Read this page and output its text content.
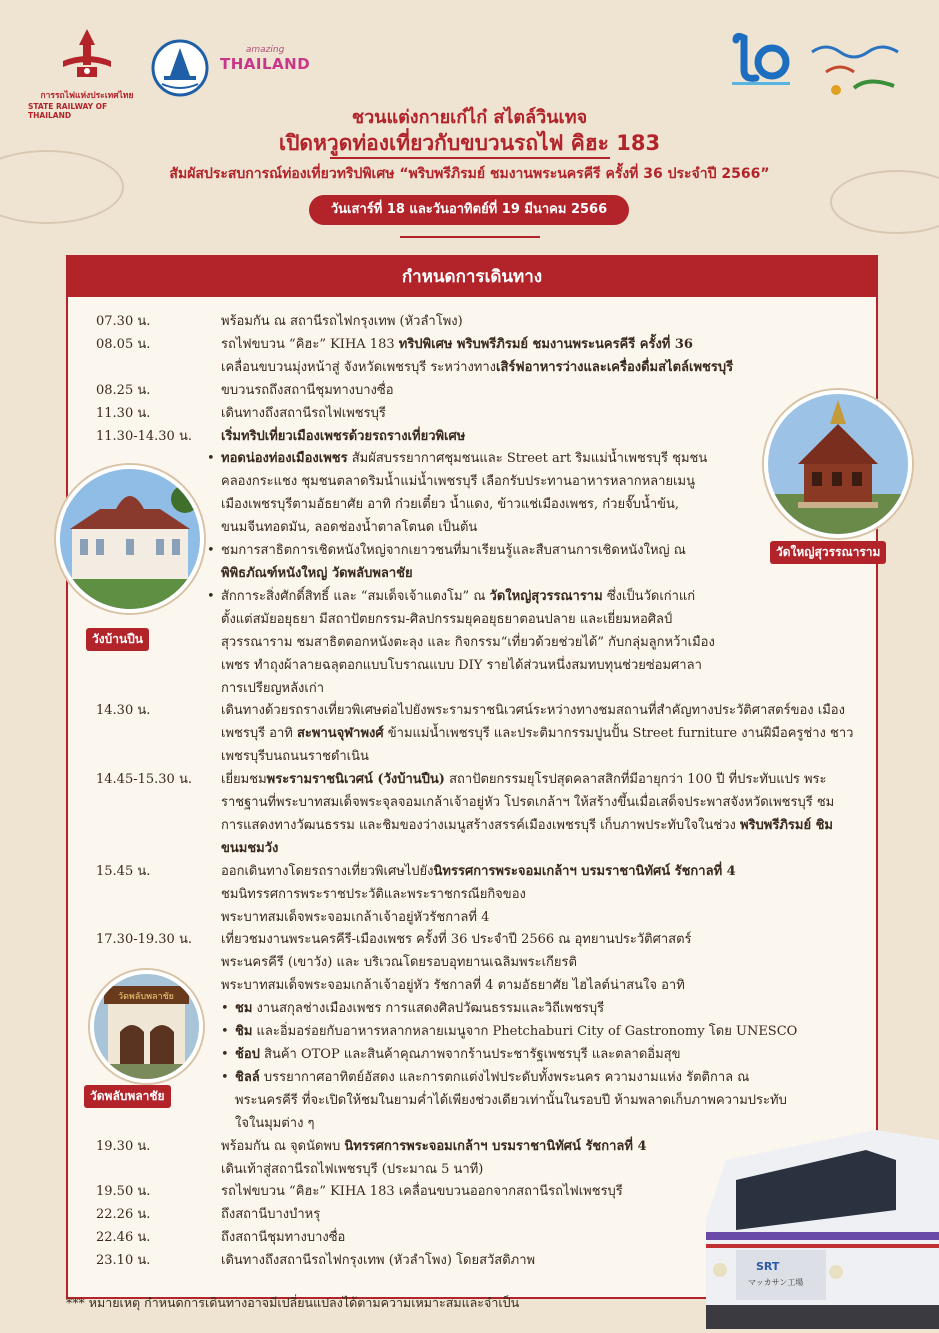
การรถไฟแห่งประเทศไทย
STATE RAILWAY OF THAILAND
amazing
THAILAND
ชวนแต่งกายเก๋ไก๋ สไตล์วินเทจ
เปิดหวูดท่องเที่ยวกับขบวนรถไฟ คิฮะ 183
สัมผัสประสบการณ์ท่องเที่ยวทริปพิเศษ “พริบพรีภิรมย์ ชมงานพระนครคีรี ครั้งที่ 36 ประจำปี 2566”
วันเสาร์ที่ 18 และวันอาทิตย์ที่ 19 มีนาคม 2566
กำหนดการเดินทาง
07.30 น.	พร้อมกัน ณ สถานีรถไฟกรุงเทพ (หัวลำโพง)
08.05 น.	รถไฟขบวน “คิฮะ” KIHA 183 ทริปพิเศษ พริบพรีภิรมย์ ชมงานพระนครคีรี ครั้งที่ 36
เคลื่อนขบวนมุ่งหน้าสู่ จังหวัดเพชรบุรี ระหว่างทางเสิร์ฟอาหารว่างและเครื่องดื่มสไตล์เพชรบุรี
08.25 น.	ขบวนรถถึงสถานีชุมทางบางซื่อ
11.30 น.	เดินทางถึงสถานีรถไฟเพชรบุรี
11.30-14.30 น.	เริ่มทริปเที่ยวเมืองเพชรด้วยรถรางเที่ยวพิเศษ
• ทอดน่องท่องเมืองเพชร สัมผัสบรรยากาศชุมชนและ Street art ริมแม่น้ำเพชรบุรี ชุมชนคลองกระแชง ชุมชนตลาดริมน้ำแม่น้ำเพชรบุรี เลือกรับประทานอาหารหลากหลายเมนูเมืองเพชรบุรีตามอัธยาศัย อาทิ ก๋วยเตี๋ยว น้ำแดง, ข้าวแช่เมืองเพชร, ก๋วยจั๊บน้ำข้น, ขนมจีนทอดมัน, ลอดช่องน้ำตาลโตนด เป็นต้น
• ชมการสาธิตการเชิดหนังใหญ่จากเยาวชนที่มาเรียนรู้และสืบสานการเชิดหนังใหญ่ ณ พิพิธภัณฑ์หนังใหญ่ วัดพลับพลาชัย
• สักการะสิ่งศักดิ์สิทธิ์ และ “สมเด็จเจ้าแตงโม” ณ วัดใหญ่สุวรรณาราม ซึ่งเป็นวัดเก่าแก่ตั้งแต่สมัยอยุธยา มีสถาปัตยกรรม-ศิลปกรรมยุคอยุธยาตอนปลาย และเยี่ยมหอศิลป์สุวรรณาราม ชมสาธิตตอกหนังตะลุง และ กิจกรรม“เที่ยวด้วยช่วยได้” กับกลุ่มลูกหว้าเมืองเพชร ทำถุงผ้าลายฉลุตอกแบบโบราณแบบ DIY รายได้ส่วนหนึ่งสมทบทุนช่วยซ่อมศาลาการเปรียญหลังเก่า
14.30 น.	เดินทางด้วยรถรางเที่ยวพิเศษต่อไปยังพระรามราชนิเวศน์ระหว่างทางชมสถานที่สำคัญทางประวัติศาสตร์ของ เมืองเพชรบุรี อาทิ สะพานจุฬาพงศ์ ข้ามแม่น้ำเพชรบุรี และประติมากรรมปูนปั้น Street furniture งานฝีมือครูช่าง ชาวเพชรบุรีบนถนนราชดำเนิน
14.45-15.30 น.	เยี่ยมชมพระรามราชนิเวศน์ (วังบ้านปืน) สถาปัตยกรรมยุโรปสุดคลาสสิกที่มีอายุกว่า 100 ปี ที่ประทับแปร พระราชฐานที่พระบาทสมเด็จพระจุลจอมเกล้าเจ้าอยู่หัว โปรดเกล้าฯ ให้สร้างขึ้นเมื่อเสด็จประพาสจังหวัดเพชรบุรี ชมการแสดงทางวัฒนธรรม และชิมของว่างเมนูสร้างสรรค์เมืองเพชรบุรี เก็บภาพประทับใจในช่วง พริบพรีภิรมย์ ชิมขนมชมวัง
15.45 น.	ออกเดินทางโดยรถรางเที่ยวพิเศษไปยังนิทรรศการพระจอมเกล้าฯ บรมราชานิทัศน์ รัชกาลที่ 4
ชมนิทรรศการพระราชประวัติและพระราชกรณียกิจของ
พระบาทสมเด็จพระจอมเกล้าเจ้าอยู่หัวรัชกาลที่ 4
17.30-19.30 น.	เที่ยวชมงานพระนครคีรี-เมืองเพชร ครั้งที่ 36 ประจำปี 2566 ณ อุทยานประวัติศาสตร์
พระนครคีรี (เขาวัง) และ บริเวณโดยรอบอุทยานเฉลิมพระเกียรติ
พระบาทสมเด็จพระจอมเกล้าเจ้าอยู่หัว รัชกาลที่ 4 ตามอัธยาศัย ไฮไลต์น่าสนใจ อาทิ
• ชม งานสกุลช่างเมืองเพชร การแสดงศิลปวัฒนธรรมและวิถีเพชรบุรี
• ชิม และอิ่มอร่อยกับอาหารหลากหลายเมนูจาก Phetchaburi City of Gastronomy โดย UNESCO
• ช้อป สินค้า OTOP และสินค้าคุณภาพจากร้านประชารัฐเพชรบุรี และตลาดอิ่มสุข
• ชิลล์ บรรยากาศอาทิตย์อัสดง และการตกแต่งไฟประดับทั้งพระนคร ความงามแห่ง รัตติกาล ณ พระนครคีรี ที่จะเปิดให้ชมในยามค่ำได้เพียงช่วงเดียวเท่านั้นในรอบปี ห้ามพลาดเก็บภาพความประทับใจในมุมต่าง ๆ
19.30 น.	พร้อมกัน ณ จุดนัดพบ นิทรรศการพระจอมเกล้าฯ บรมราชานิทัศน์ รัชกาลที่ 4
เดินเท้าสู่สถานีรถไฟเพชรบุรี (ประมาณ 5 นาที)
19.50 น.	รถไฟขบวน “คิฮะ” KIHA 183 เคลื่อนขบวนออกจากสถานีรถไฟเพชรบุรี
22.26 น.	ถึงสถานีบางบำหรุ
22.46 น.	ถึงสถานีชุมทางบางซื่อ
23.10 น.	เดินทางถึงสถานีรถไฟกรุงเทพ (หัวลำโพง) โดยสวัสดิภาพ
วัดใหญ่สุวรรณาราม
วังบ้านปืน
วัดพลับพลาชัย
วัดพลับพลาชัย
SRT
マッカサン工場
*** หมายเหตุ กำหนดการเดินทางอาจมีเปลี่ยนแปลงได้ตามความเหมาะสมและจำเป็น
